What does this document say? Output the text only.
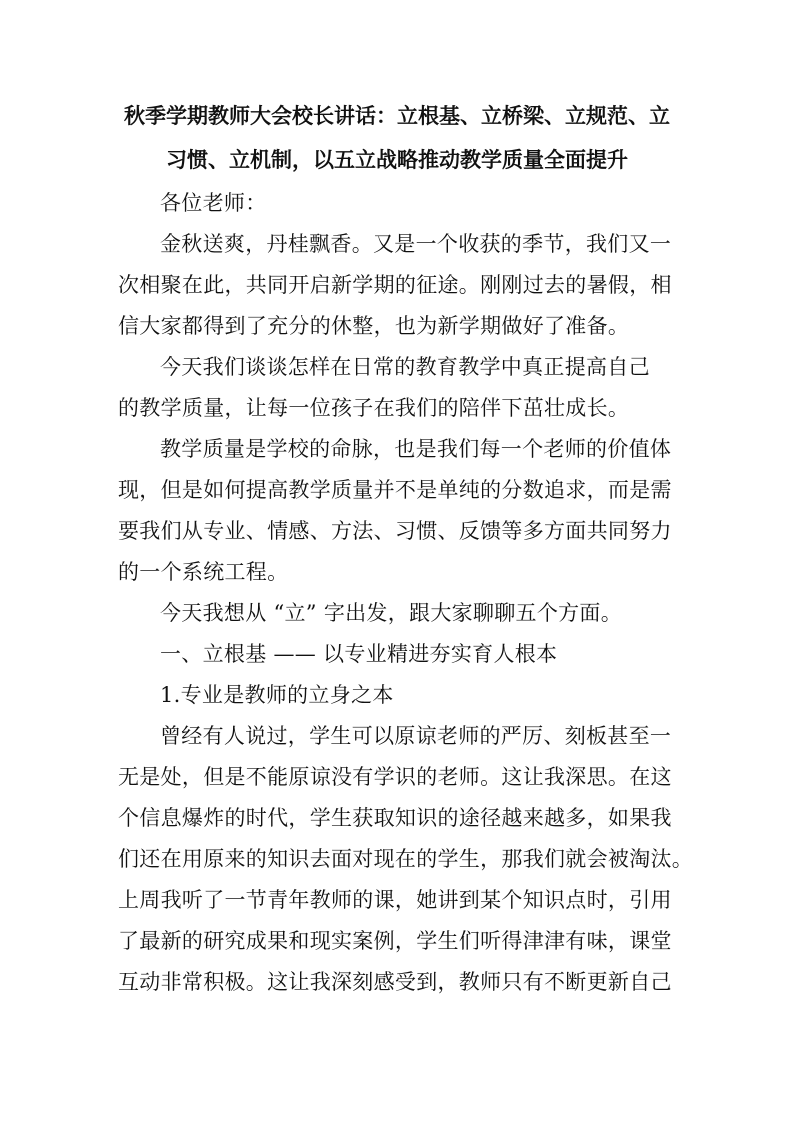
秋季学期教师大会校长讲话：立根基、立桥梁、立规范、立
习惯、立机制，以五立战略推动教学质量全面提升

各位老师：

金秋送爽，丹桂飘香。又是一个收获的季节，我们又一

次相聚在此，共同开启新学期的征途。刚刚过去的暑假，相

信大家都得到了充分的休整，也为新学期做好了准备。

今天我们谈谈怎样在日常的教育教学中真正提高自己

的教学质量，让每一位孩子在我们的陪伴下茁壮成长。

教学质量是学校的命脉，也是我们每一个老师的价值体

现，但是如何提高教学质量并不是单纯的分数追求，而是需

要我们从专业、情感、方法、习惯、反馈等多方面共同努力

的一个系统工程。

今天我想从 “立” 字出发，跟大家聊聊五个方面。

一、立根基 —— 以专业精进夯实育人根本

1.专业是教师的立身之本

曾经有人说过，学生可以原谅老师的严厉、刻板甚至一

无是处，但是不能原谅没有学识的老师。这让我深思。在这

个信息爆炸的时代，学生获取知识的途径越来越多，如果我

们还在用原来的知识去面对现在的学生，那我们就会被淘汰。

上周我听了一节青年教师的课，她讲到某个知识点时，引用

了最新的研究成果和现实案例，学生们听得津津有味，课堂

互动非常积极。这让我深刻感受到，教师只有不断更新自己
